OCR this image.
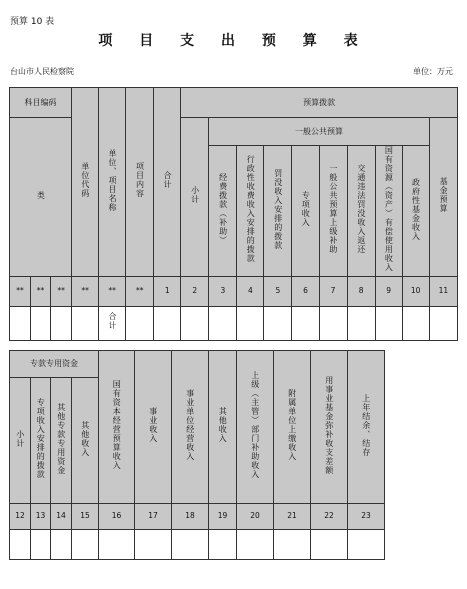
预算 10 表
项 目 支 出 预 算 表
台山市人民检察院	单位：万元
科目编码			单位代码	单位、项目名称	项目内容	合计	预算拨款									
类							小计	一般公共预算								基金预算
								经费拨款（补助）	行政性收费收入安排的拨款	罚没收入安排的拨款	专项收入	一般公共预算上级补助	交通违法罚没收入返还	国有资源（资产）有偿使用收入	政府性基金收入	
**	**	**	**	**	**	1	2	3	4	5	6	7	8	9	10	11
				合计												
专款专用资金				国有资本经营预算收入	事业收入	事业单位经营收入	其他收入	上级（主管）部门补助收入	附属单位上缴收入	用事业基金弥补收支差额	上年结余、结存	
小计	专项收入安排的拨款	其他专款专用资金	其他收入									
12	13	14	15	16	17	18	19	20	21	22	23	
